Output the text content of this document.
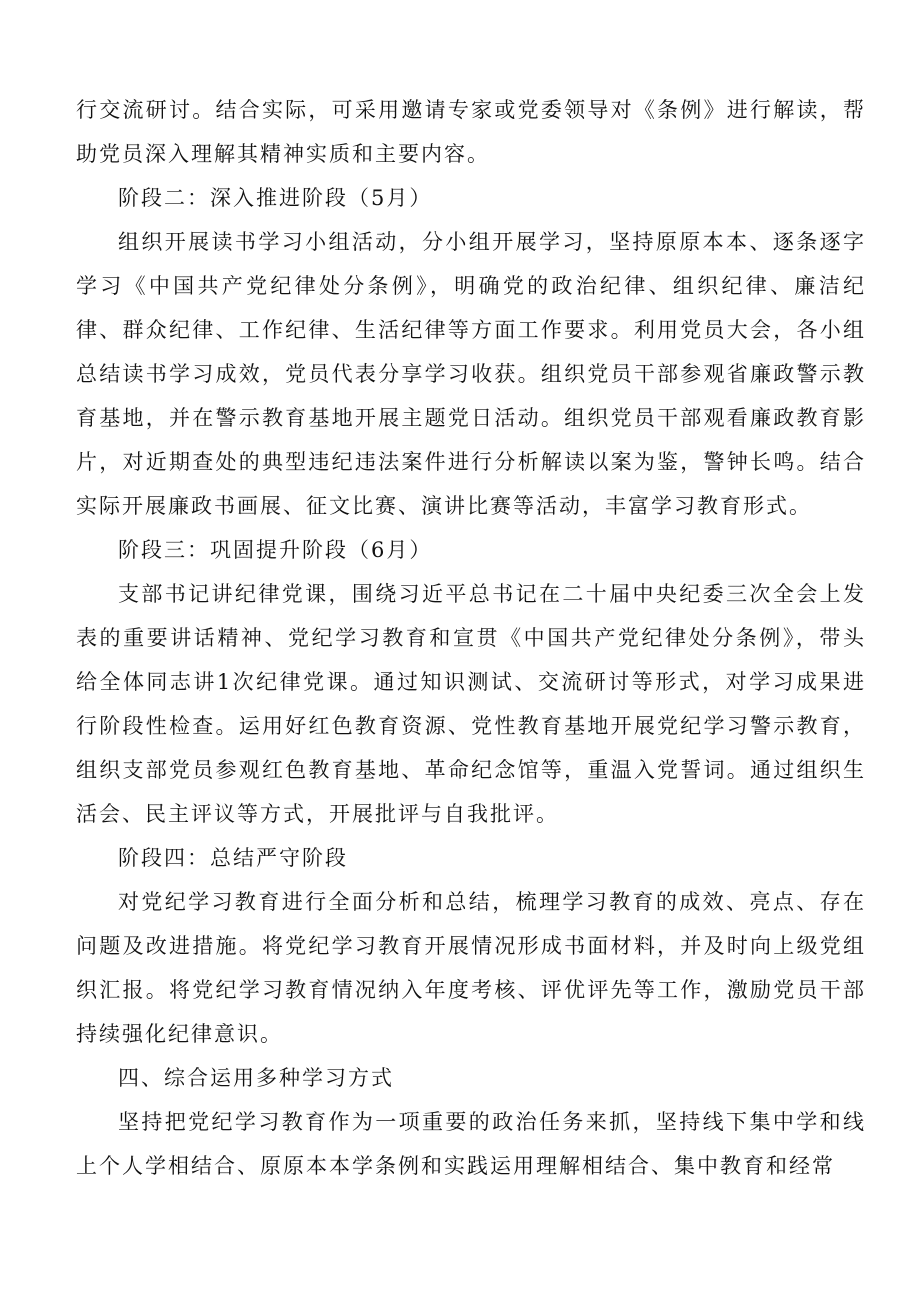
行交流研讨。结合实际，可采用邀请专家或党委领导对《条例》进行解读，帮助党员深入理解其精神实质和主要内容。

阶段二：深入推进阶段（5月）

组织开展读书学习小组活动，分小组开展学习，坚持原原本本、逐条逐字学习《中国共产党纪律处分条例》，明确党的政治纪律、组织纪律、廉洁纪律、群众纪律、工作纪律、生活纪律等方面工作要求。利用党员大会，各小组总结读书学习成效，党员代表分享学习收获。组织党员干部参观省廉政警示教育基地，并在警示教育基地开展主题党日活动。组织党员干部观看廉政教育影片，对近期查处的典型违纪违法案件进行分析解读以案为鉴，警钟长鸣。结合实际开展廉政书画展、征文比赛、演讲比赛等活动，丰富学习教育形式。

阶段三：巩固提升阶段（6月）

支部书记讲纪律党课，围绕习近平总书记在二十届中央纪委三次全会上发表的重要讲话精神、党纪学习教育和宣贯《中国共产党纪律处分条例》，带头给全体同志讲1次纪律党课。通过知识测试、交流研讨等形式，对学习成果进行阶段性检查。运用好红色教育资源、党性教育基地开展党纪学习警示教育，组织支部党员参观红色教育基地、革命纪念馆等，重温入党誓词。通过组织生活会、民主评议等方式，开展批评与自我批评。

阶段四：总结严守阶段

对党纪学习教育进行全面分析和总结，梳理学习教育的成效、亮点、存在问题及改进措施。将党纪学习教育开展情况形成书面材料，并及时向上级党组织汇报。将党纪学习教育情况纳入年度考核、评优评先等工作，激励党员干部持续强化纪律意识。

四、综合运用多种学习方式

坚持把党纪学习教育作为一项重要的政治任务来抓，坚持线下集中学和线上个人学相结合、原原本本学条例和实践运用理解相结合、集中教育和经常
